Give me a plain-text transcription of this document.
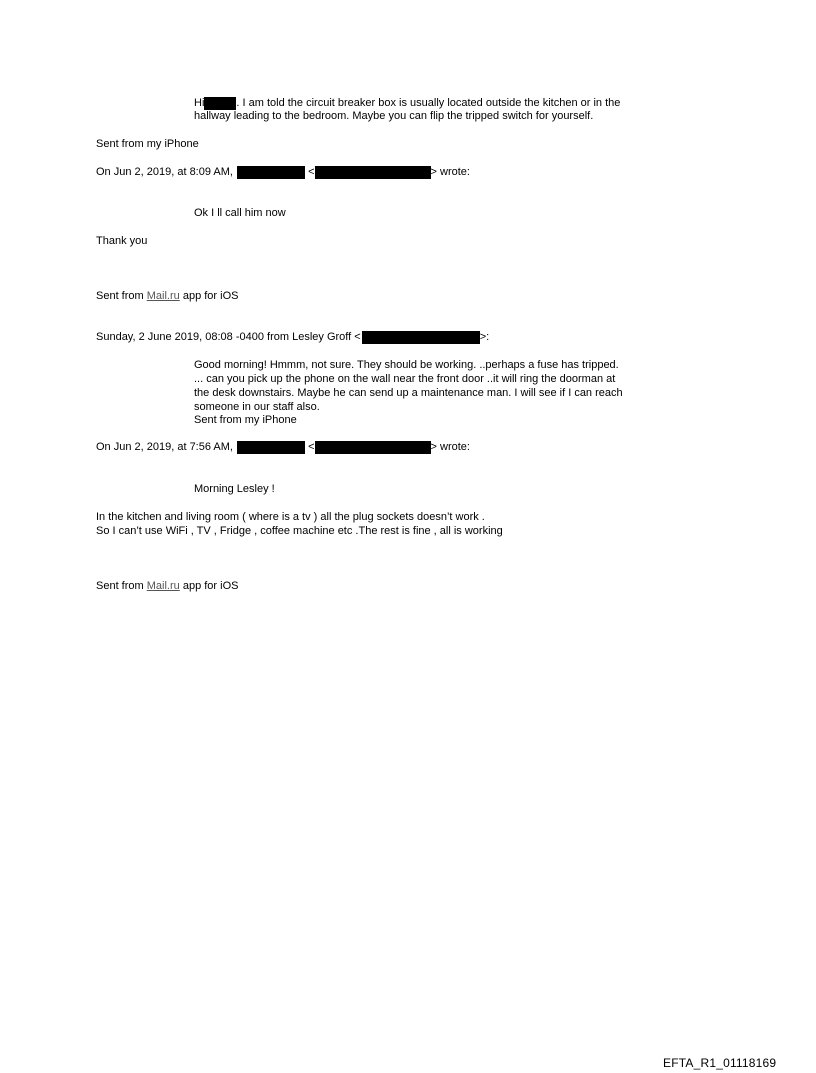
Hi	. I am told the circuit breaker box is usually located outside the kitchen or in the
hallway leading to the bedroom. Maybe you can flip the tripped switch for yourself.
Sent from my iPhone
On Jun 2, 2019, at 8:09 AM,	<	> wrote:
Ok I ll call him now
Thank you
Sent from Mail.ru app for iOS
Sunday, 2 June 2019, 08:08 -0400 from Lesley Groff <	>:
Good morning! Hmmm, not sure. They should be working. ..perhaps a fuse has tripped.
... can you pick up the phone on the wall near the front door ..it will ring the doorman at
the desk downstairs. Maybe he can send up a maintenance man. I will see if I can reach
someone in our staff also.
Sent from my iPhone
On Jun 2, 2019, at 7:56 AM,	<	> wrote:
Morning Lesley !
In the kitchen and living room ( where is a tv ) all the plug sockets doesn’t work .
So I can’t use WiFi , TV , Fridge , coffee machine etc .The rest is fine , all is working
Sent from Mail.ru app for iOS
EFTA_R1_01118169
